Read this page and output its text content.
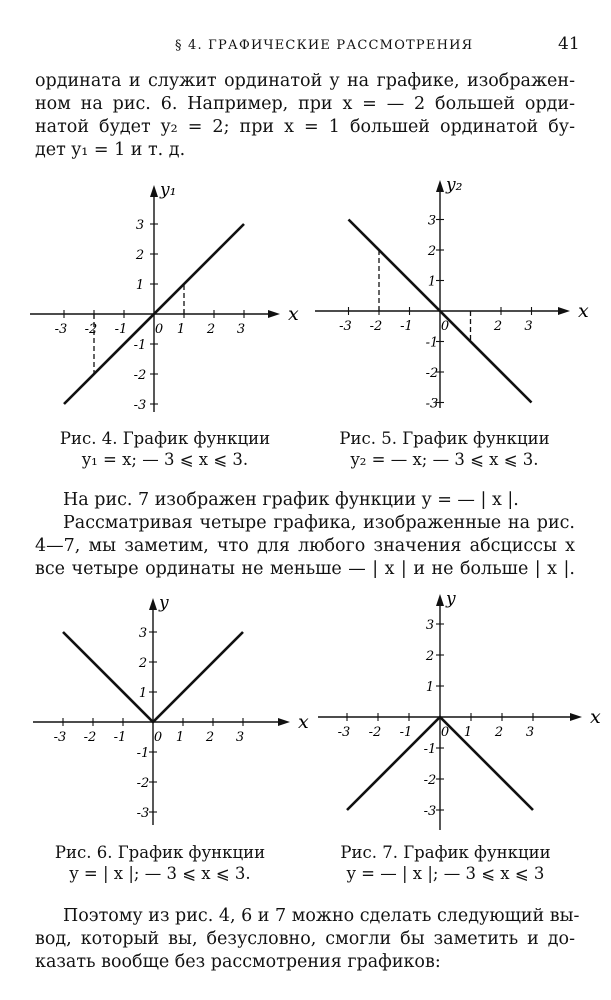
§ 4. ГРАФИЧЕСКИЕ РАССМОТРЕНИЯ	41
ордината и служит ординатой y на графике, изображен-
ном на рис. 6. Например, при x = — 2 большей орди-
натой будет y₂ = 2; при x = 1 большей ординатой бу-
дет y₁ = 1 и т. д.
x
y₁
-3 -2 -1 0 1 2 3
3
2
1
-1
-2
-3
Рис. 4. График функции
y₁ = x; — 3 ⩽ x ⩽ 3.
x
y₂
-3 -2 -1 0	2 3
3
2
1
-1
-2
-3
Рис. 5. График функции
y₂ = — x; — 3 ⩽ x ⩽ 3.
На рис. 7 изображен график функции y = — | x |.
Рассматривая четыре графика, изображенные на рис.
4—7, мы заметим, что для любого значения абсциссы x
все четыре ординаты не меньше — | x | и не больше | x |.
x
y
-3 -2 -1 0 1 2 3
3
2
1
-1
-2
-3
Рис. 6. График функции
y = | x |; — 3 ⩽ x ⩽ 3.
x
y
-3 -2 -1 0 1 2 3
3
2
1
-1
-2
-3
Рис. 7. График функции
y = — | x |; — 3 ⩽ x ⩽ 3
Поэтому из рис. 4, 6 и 7 можно сделать следующий вы-
вод, который вы, безусловно, смогли бы заметить и до-
казать вообще без рассмотрения графиков:
